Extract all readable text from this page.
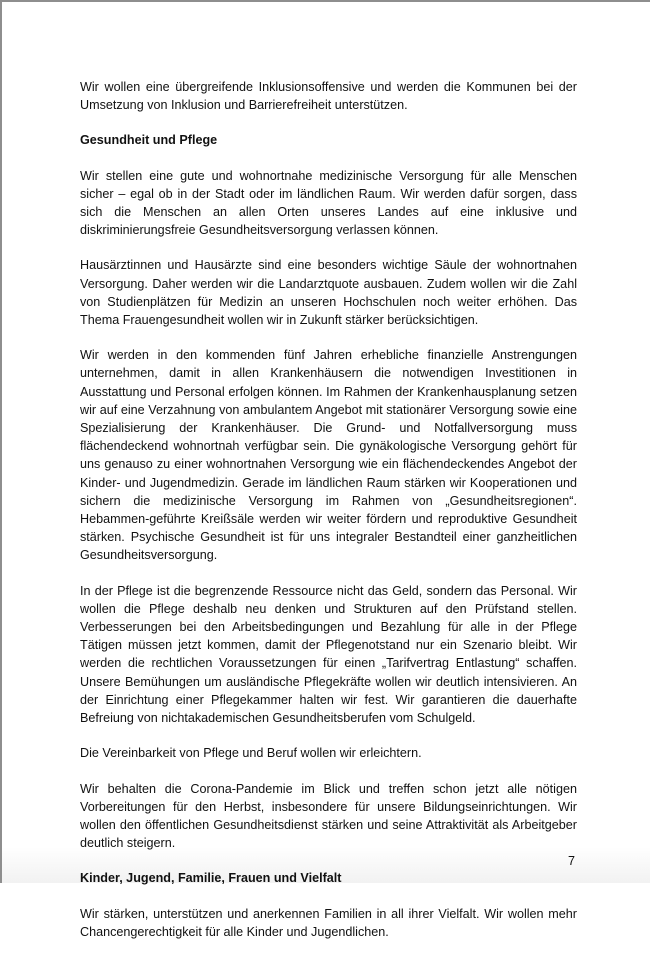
Wir wollen eine übergreifende Inklusionsoffensive und werden die Kommunen bei der Umsetzung von Inklusion und Barrierefreiheit unterstützen.

Gesundheit und Pflege

Wir stellen eine gute und wohnortnahe medizinische Versorgung für alle Menschen sicher – egal ob in der Stadt oder im ländlichen Raum. Wir werden dafür sorgen, dass sich die Menschen an allen Orten unseres Landes auf eine inklusive und diskriminierungsfreie Gesundheitsversorgung verlassen können.

Hausärztinnen und Hausärzte sind eine besonders wichtige Säule der wohnortnahen Versorgung. Daher werden wir die Landarztquote ausbauen. Zudem wollen wir die Zahl von Studienplätzen für Medizin an unseren Hochschulen noch weiter erhöhen. Das Thema Frauengesundheit wollen wir in Zukunft stärker berücksichtigen.

Wir werden in den kommenden fünf Jahren erhebliche finanzielle Anstrengungen unternehmen, damit in allen Krankenhäusern die notwendigen Investitionen in Ausstattung und Personal erfolgen können. Im Rahmen der Krankenhausplanung setzen wir auf eine Verzahnung von ambulantem Angebot mit stationärer Versorgung sowie eine Spezialisierung der Krankenhäuser. Die Grund- und Notfallversorgung muss flächendeckend wohnortnah verfügbar sein. Die gynäkologische Versorgung gehört für uns genauso zu einer wohnortnahen Versorgung wie ein flächendeckendes Angebot der Kinder- und Jugendmedizin. Gerade im ländlichen Raum stärken wir Kooperationen und sichern die medizinische Versorgung im Rahmen von „Gesundheitsregionen“. Hebammen-geführte Kreißsäle werden wir weiter fördern und reproduktive Gesundheit stärken. Psychische Gesundheit ist für uns integraler Bestandteil einer ganzheitlichen Gesundheitsversorgung.

In der Pflege ist die begrenzende Ressource nicht das Geld, sondern das Personal. Wir wollen die Pflege deshalb neu denken und Strukturen auf den Prüfstand stellen. Verbesserungen bei den Arbeitsbedingungen und Bezahlung für alle in der Pflege Tätigen müssen jetzt kommen, damit der Pflegenotstand nur ein Szenario bleibt. Wir werden die rechtlichen Voraussetzungen für einen „Tarifvertrag Entlastung“ schaffen. Unsere Bemühungen um ausländische Pflegekräfte wollen wir deutlich intensivieren. An der Einrichtung einer Pflegekammer halten wir fest. Wir garantieren die dauerhafte Befreiung von nichtakademischen Gesundheitsberufen vom Schulgeld.

Die Vereinbarkeit von Pflege und Beruf wollen wir erleichtern.

Wir behalten die Corona-Pandemie im Blick und treffen schon jetzt alle nötigen Vorbereitungen für den Herbst, insbesondere für unsere Bildungseinrichtungen. Wir wollen den öffentlichen Gesundheitsdienst stärken und seine Attraktivität als Arbeitgeber deutlich steigern.

Kinder, Jugend, Familie, Frauen und Vielfalt

Wir stärken, unterstützen und anerkennen Familien in all ihrer Vielfalt. Wir wollen mehr Chancengerechtigkeit für alle Kinder und Jugendlichen.

7
